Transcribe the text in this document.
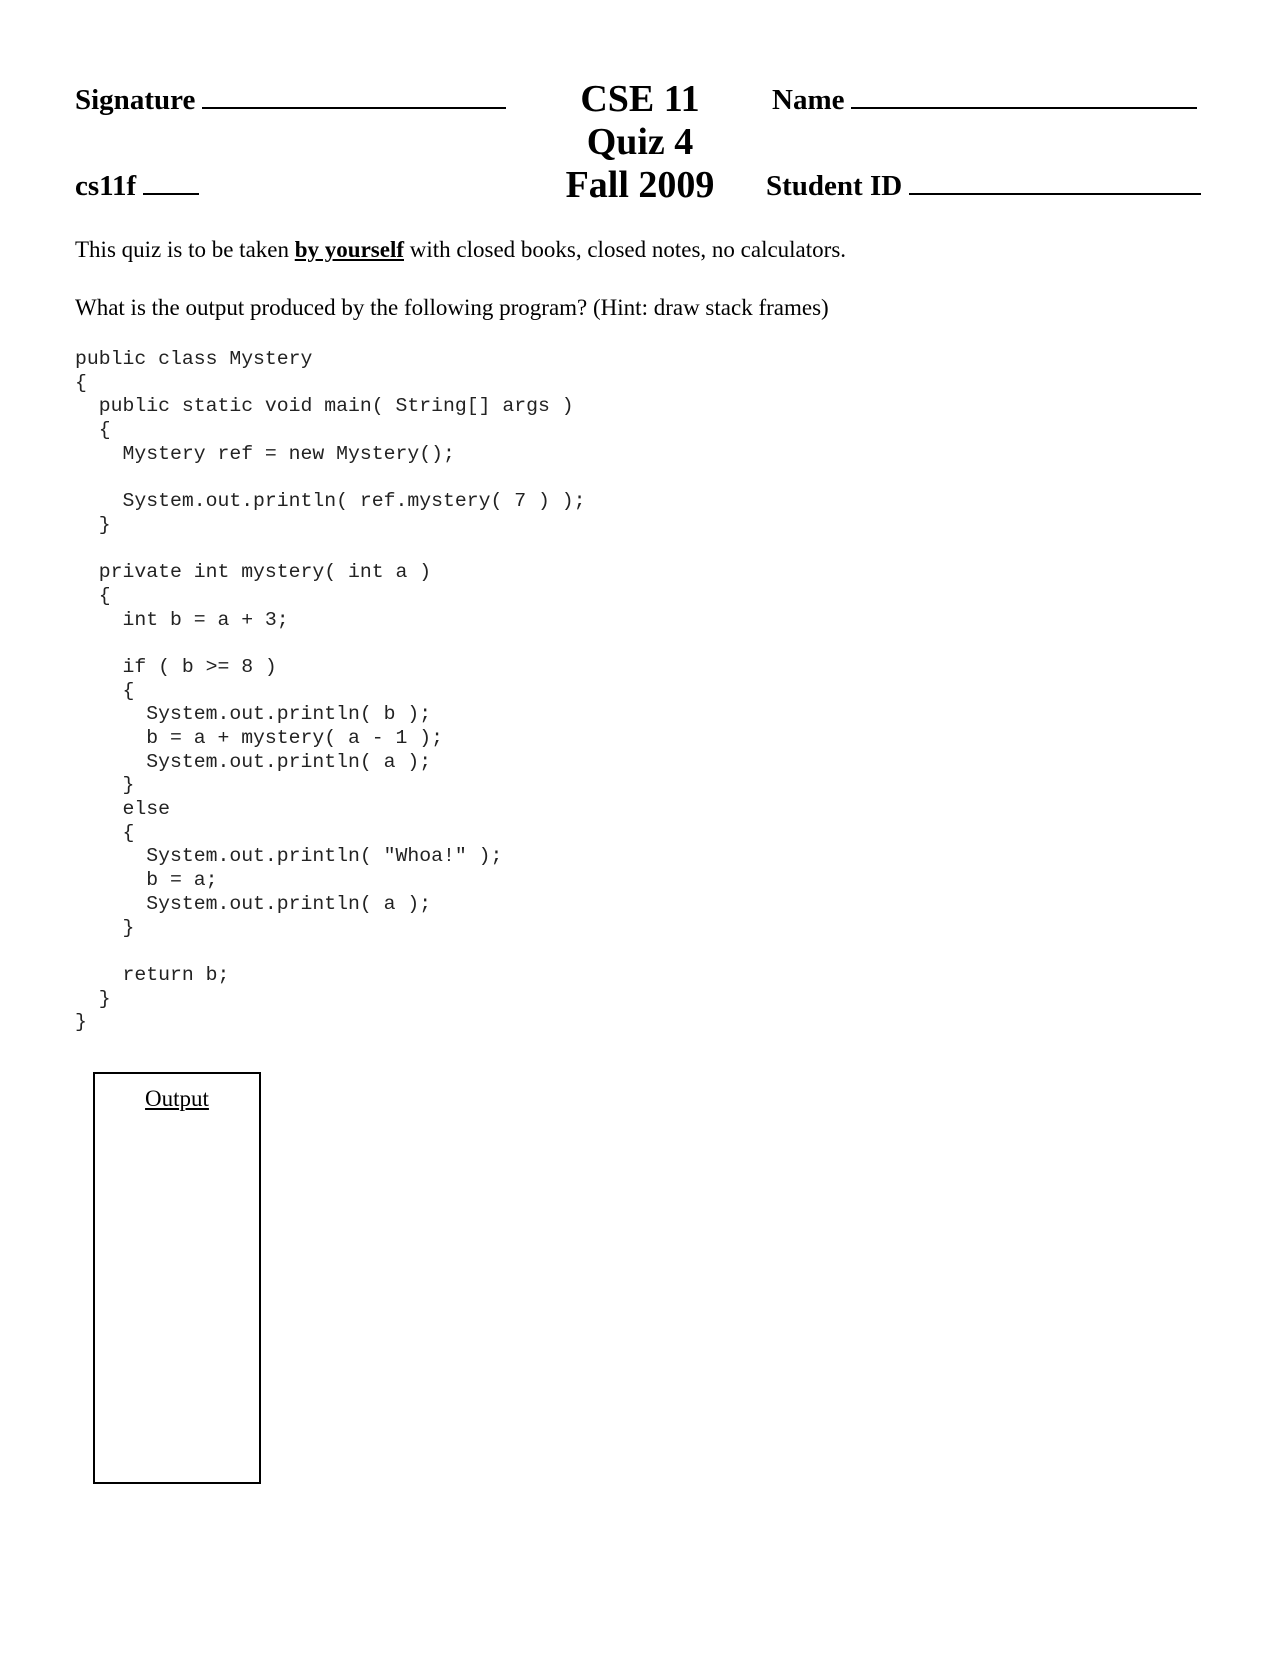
Signature	CSE 11	Name
Quiz 4
cs11f	Fall 2009	Student ID
This quiz is to be taken by yourself with closed books, closed notes, no calculators.
What is the output produced by the following program? (Hint: draw stack frames)
public class Mystery
{
public static void main( String[] args )
{
Mystery ref = new Mystery();
System.out.println( ref.mystery( 7 ) );
}
private int mystery( int a )
{
int b = a + 3;
if ( b >= 8 )
{
System.out.println( b );
b = a + mystery( a - 1 );
System.out.println( a );
}
else
{
System.out.println( "Whoa!" );
b = a;
System.out.println( a );
}
return b;
}
}
Output
